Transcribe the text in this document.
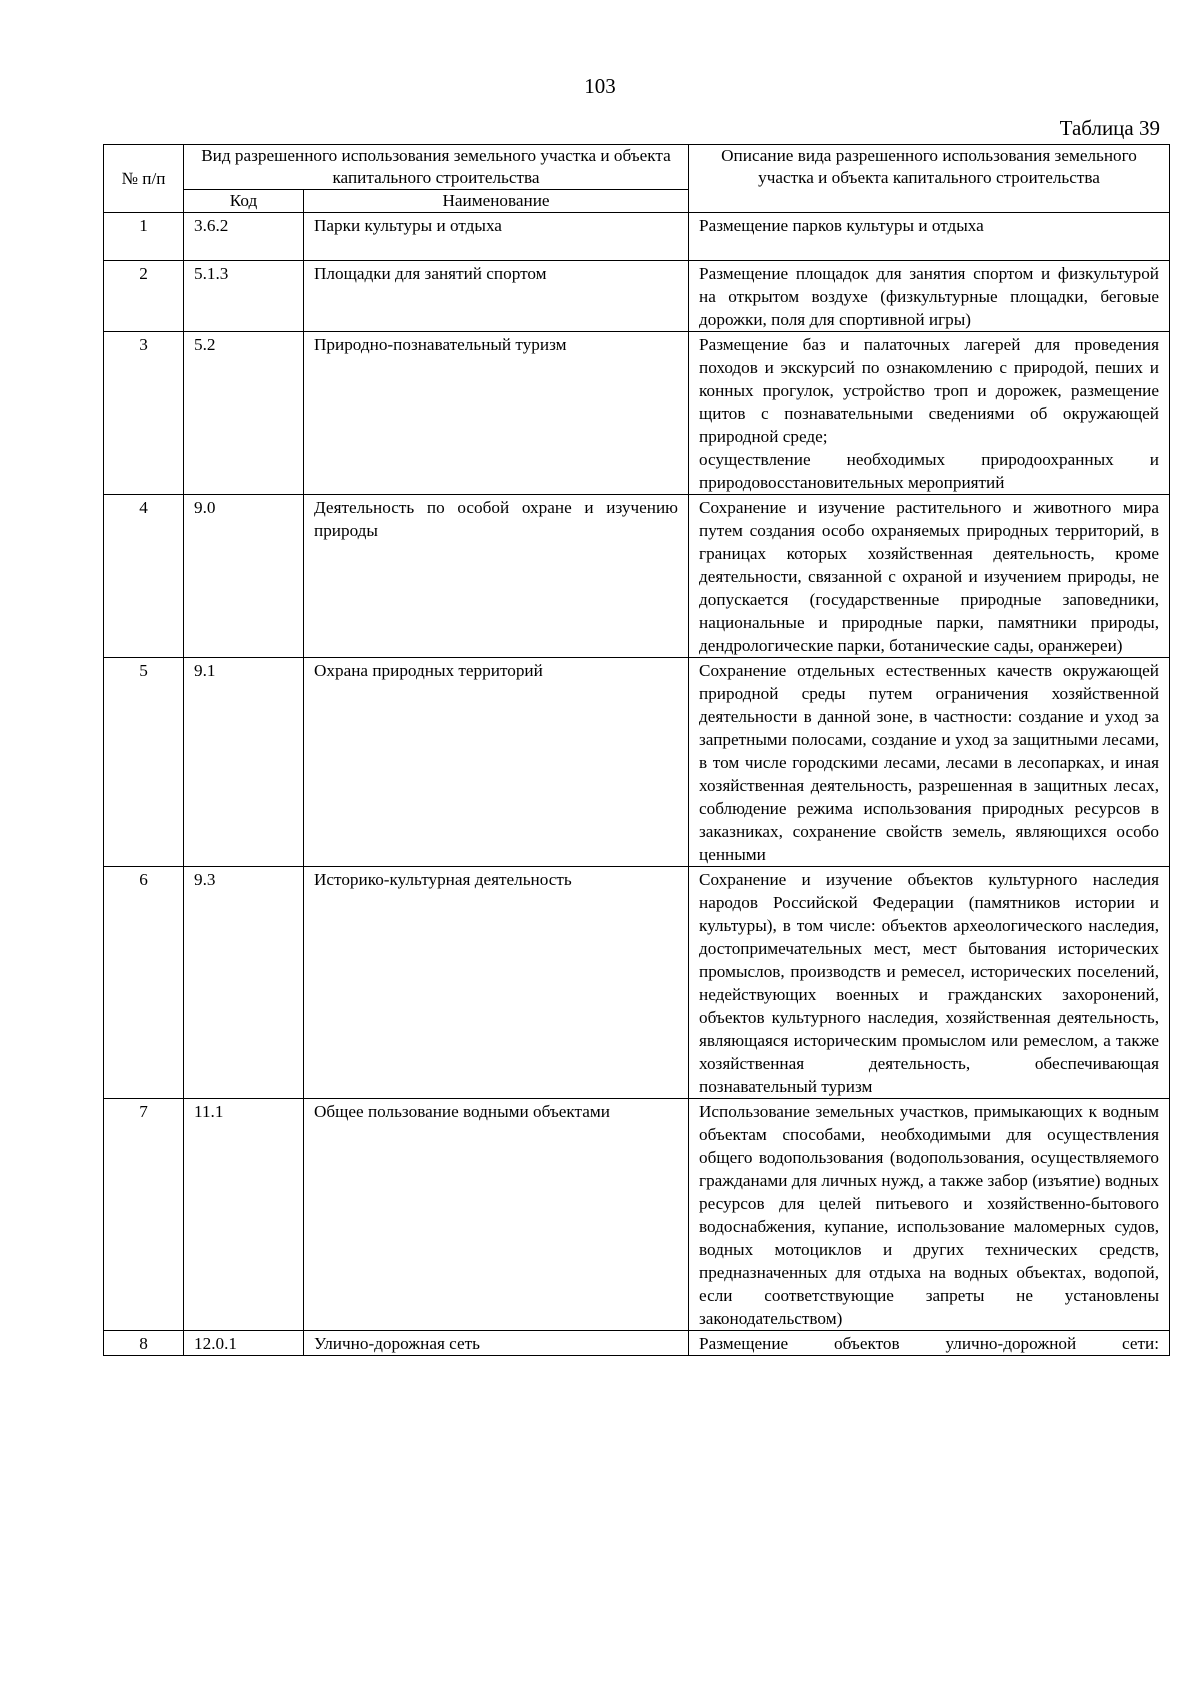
103
Таблица 39
№ п/п	Вид разрешенного использования земельного участка и объекта капитального строительства		Описание вида разрешенного использования земельного участка и объекта капитального строительства
	Код	Наименование	
1	3.6.2	Парки культуры и отдыха	Размещение парков культуры и отдыха
2	5.1.3	Площадки для занятий спортом	Размещение площадок для занятия спортом и физкультурой на открытом воздухе (физкультурные площадки, беговые дорожки, поля для спортивной игры)
3	5.2	Природно-познавательный туризм	Размещение баз и палаточных лагерей для проведения походов и экскурсий по ознакомлению с природой, пеших и конных прогулок, устройство троп и дорожек, размещение щитов с познавательными сведениями об окружающей природной среде;
осуществление необходимых природоохранных и природовосстановительных мероприятий

4	9.0	Деятельность по особой охране и изучению природы	Сохранение и изучение растительного и животного мира путем создания особо охраняемых природных территорий, в границах которых хозяйственная деятельность, кроме деятельности, связанной с охраной и изучением природы, не допускается (государственные природные заповедники, национальные и природные парки, памятники природы, дендрологические парки, ботанические сады, оранжереи)
5	9.1	Охрана природных территорий	Сохранение отдельных естественных качеств окружающей природной среды путем ограничения хозяйственной деятельности в данной зоне, в частности: создание и уход за запретными полосами, создание и уход за защитными лесами, в том числе городскими лесами, лесами в лесопарках, и иная хозяйственная деятельность, разрешенная в защитных лесах, соблюдение режима использования природных ресурсов в заказниках, сохранение свойств земель, являющихся особо ценными
6	9.3	Историко-культурная деятельность	Сохранение и изучение объектов культурного наследия народов Российской Федерации (памятников истории и культуры), в том числе: объектов археологического наследия, достопримечательных мест, мест бытования исторических промыслов, производств и ремесел, исторических поселений, недействующих военных и гражданских захоронений, объектов культурного наследия, хозяйственная деятельность, являющаяся историческим промыслом или ремеслом, а также хозяйственная деятельность, обеспечивающая познавательный туризм
7	11.1	Общее пользование водными объектами	Использование земельных участков, примыкающих к водным объектам способами, необходимыми для осуществления общего водопользования (водопользования, осуществляемого гражданами для личных нужд, а также забор (изъятие) водных ресурсов для целей питьевого и хозяйственно-бытового водоснабжения, купание, использование маломерных судов, водных мотоциклов и других технических средств, предназначенных для отдыха на водных объектах, водопой, если соответствующие запреты не установлены законодательством)
8	12.0.1	Улично-дорожная сеть	Размещение объектов улично-дорожной сети:
